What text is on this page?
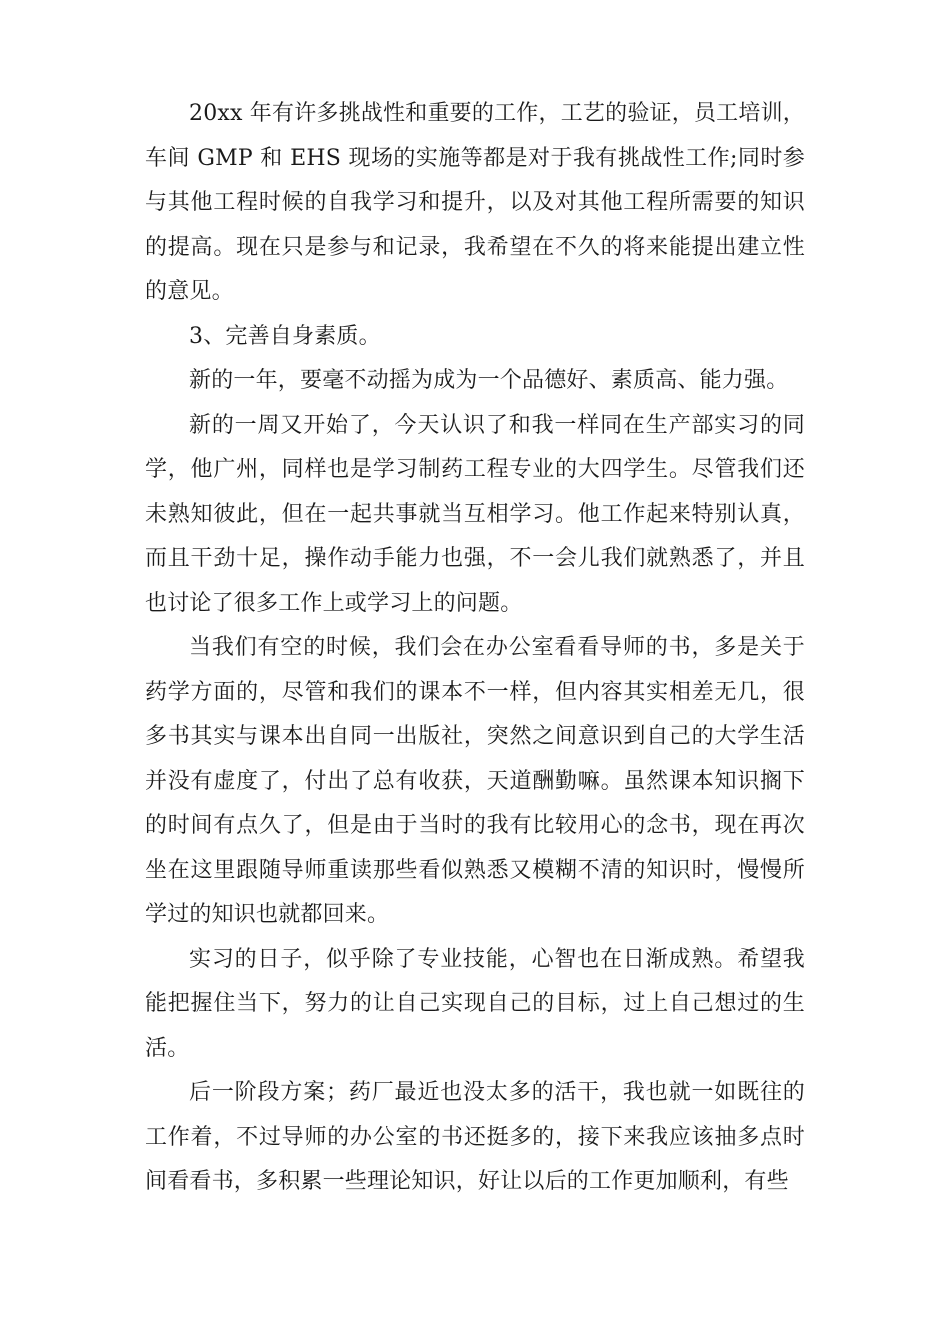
20xx 年有许多挑战性和重要的工作，工艺的验证，员工培训，车间 GMP 和 EHS 现场的实施等都是对于我有挑战性工作;同时参与其他工程时候的自我学习和提升，以及对其他工程所需要的知识的提高。现在只是参与和记录，我希望在不久的将来能提出建立性的意见。

3、完善自身素质。

新的一年，要毫不动摇为成为一个品德好、素质高、能力强。

新的一周又开始了，今天认识了和我一样同在生产部实习的同学，他广州，同样也是学习制药工程专业的大四学生。尽管我们还未熟知彼此，但在一起共事就当互相学习。他工作起来特别认真，而且干劲十足，操作动手能力也强，不一会儿我们就熟悉了，并且也讨论了很多工作上或学习上的问题。

当我们有空的时候，我们会在办公室看看导师的书，多是关于药学方面的，尽管和我们的课本不一样，但内容其实相差无几，很多书其实与课本出自同一出版社，突然之间意识到自己的大学生活并没有虚度了，付出了总有收获，天道酬勤嘛。虽然课本知识搁下的时间有点久了，但是由于当时的我有比较用心的念书，现在再次坐在这里跟随导师重读那些看似熟悉又模糊不清的知识时，慢慢所学过的知识也就都回来。

实习的日子，似乎除了专业技能，心智也在日渐成熟。希望我能把握住当下，努力的让自己实现自己的目标，过上自己想过的生活。

后一阶段方案；药厂最近也没太多的活干，我也就一如既往的工作着，不过导师的办公室的书还挺多的，接下来我应该抽多点时间看看书，多积累一些理论知识，好让以后的工作更加顺利，有些
